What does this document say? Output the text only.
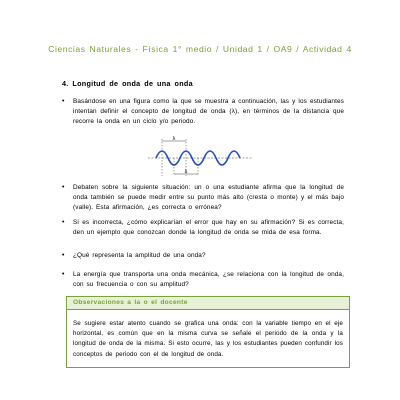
Ciencias Naturales - Física 1° medio / Unidad 1 / OA9 / Actividad 4
4. Longitud de onda de una onda
• Basándose en una figura como la que se muestra a continuación, las y los estudiantes intentan definir el concepto de longitud de onda (λ), en términos de la distancia que recorre la onda en un ciclo y/o periodo.
λ
λ
• Debaten sobre la siguiente situación: un o una estudiante afirma que la longitud de onda también se puede medir entre su punto más alto (cresta o monte) y el más bajo (valle). Esta afirmación, ¿es correcta o errónea?
• Si es incorrecta, ¿cómo explicarían el error que hay en su afirmación? Si es correcta, den un ejemplo que conozcan donde la longitud de onda se mida de esa forma.
• ¿Qué representa la amplitud de una onda?
• La energía que transporta una onda mecánica, ¿se relaciona con la longitud de onda, con su frecuencia o con su amplitud?
Observaciones a la o el docente
Se sugiere estar atento cuando se grafica una onda: con la variable tiempo en el eje horizontal, es común que en la misma curva se señale el periodo de la onda y la longitud de onda de la misma. Si esto ocurre, las y los estudiantes pueden confundir los conceptos de periodo con el de longitud de onda.
